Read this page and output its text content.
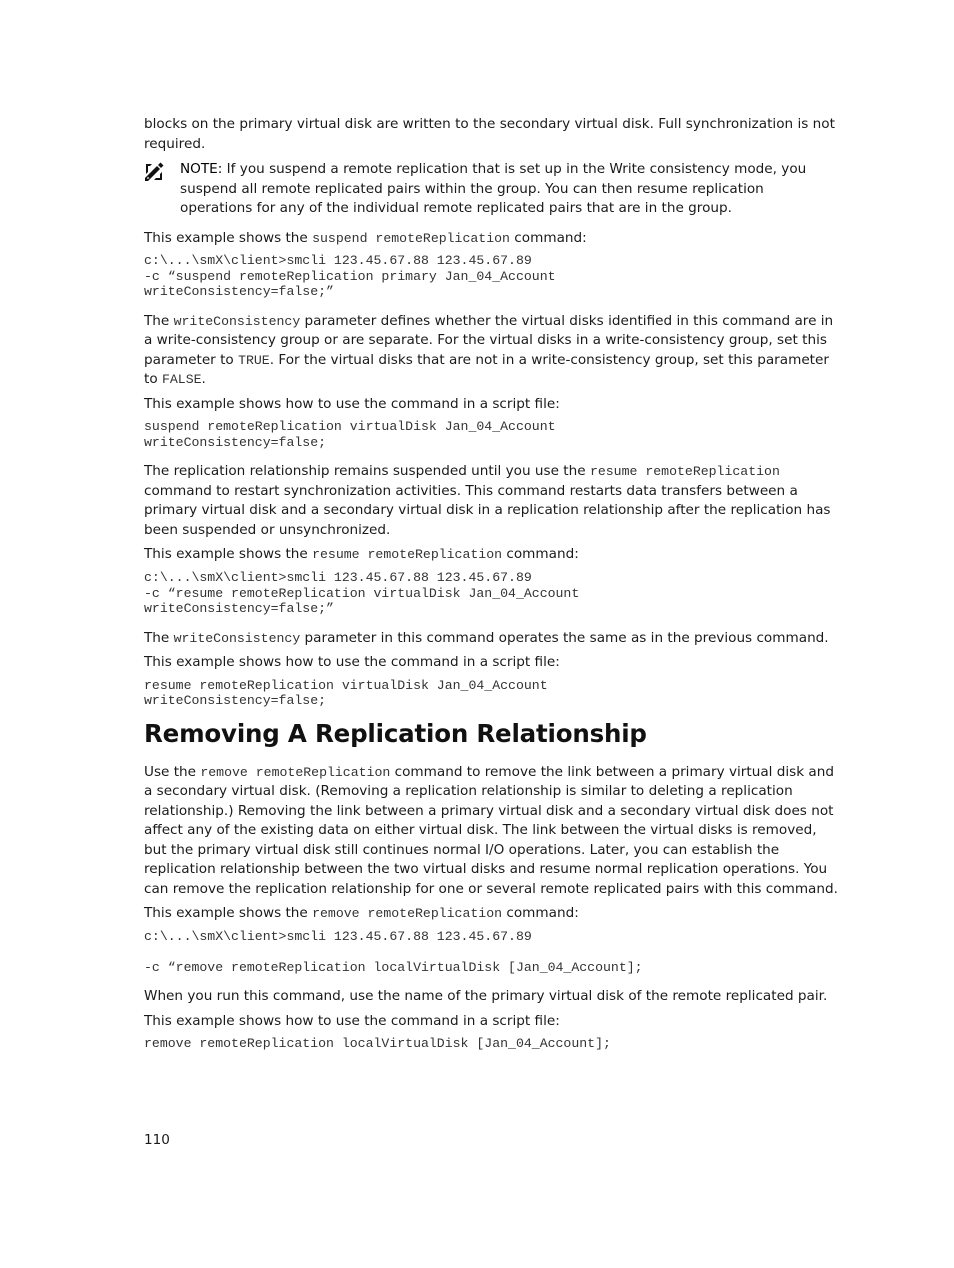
blocks on the primary virtual disk are written to the secondary virtual disk. Full synchronization is not required.

NOTE: If you suspend a remote replication that is set up in the Write consistency mode, you suspend all remote replicated pairs within the group. You can then resume replication operations for any of the individual remote replicated pairs that are in the group.

This example shows the suspend remoteReplication command:

c:\...\smX\client>smcli 123.45.67.88 123.45.67.89
-c “suspend remoteReplication primary Jan_04_Account
writeConsistency=false;”

The writeConsistency parameter defines whether the virtual disks identified in this command are in a write-consistency group or are separate. For the virtual disks in a write-consistency group, set this parameter to TRUE. For the virtual disks that are not in a write-consistency group, set this parameter to FALSE.

This example shows how to use the command in a script file:

suspend remoteReplication virtualDisk Jan_04_Account
writeConsistency=false;

The replication relationship remains suspended until you use the resume remoteReplication command to restart synchronization activities. This command restarts data transfers between a primary virtual disk and a secondary virtual disk in a replication relationship after the replication has been suspended or unsynchronized.

This example shows the resume remoteReplication command:

c:\...\smX\client>smcli 123.45.67.88 123.45.67.89
-c “resume remoteReplication virtualDisk Jan_04_Account
writeConsistency=false;”

The writeConsistency parameter in this command operates the same as in the previous command.

This example shows how to use the command in a script file:

resume remoteReplication virtualDisk Jan_04_Account
writeConsistency=false;
Removing A Replication Relationship

Use the remove remoteReplication command to remove the link between a primary virtual disk and a secondary virtual disk. (Removing a replication relationship is similar to deleting a replication relationship.) Removing the link between a primary virtual disk and a secondary virtual disk does not affect any of the existing data on either virtual disk. The link between the virtual disks is removed, but the primary virtual disk still continues normal I/O operations. Later, you can establish the replication relationship between the two virtual disks and resume normal replication operations. You can remove the replication relationship for one or several remote replicated pairs with this command.

This example shows the remove remoteReplication command:

c:\...\smX\client>smcli 123.45.67.88 123.45.67.89
-c “remove remoteReplication localVirtualDisk [Jan_04_Account];

When you run this command, use the name of the primary virtual disk of the remote replicated pair.

This example shows how to use the command in a script file:

remove remoteReplication localVirtualDisk [Jan_04_Account];
110
